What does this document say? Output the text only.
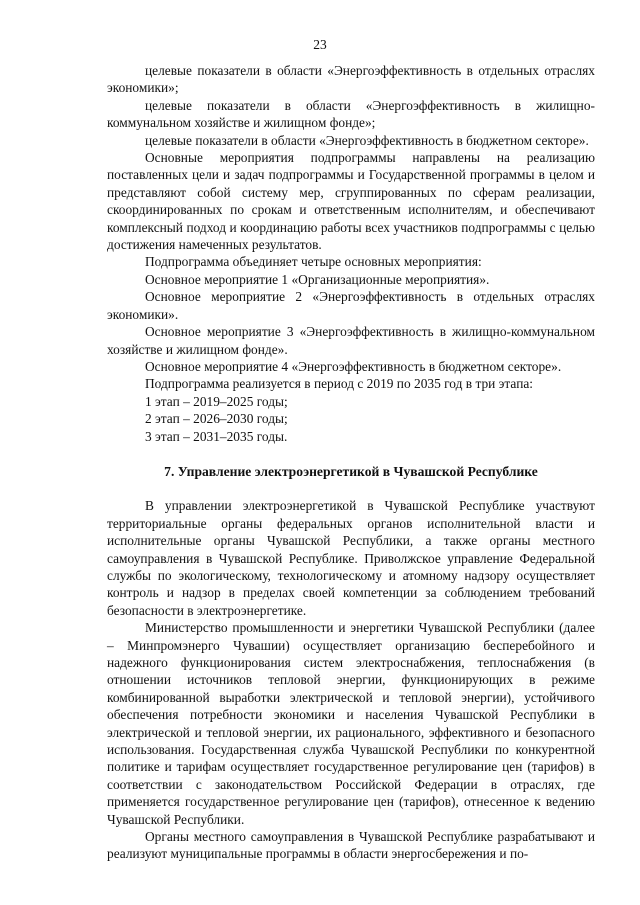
23

целевые показатели в области «Энергоэффективность в отдельных отраслях экономики»;

целевые показатели в области «Энергоэффективность в жилищно-коммунальном хозяйстве и жилищном фонде»;

целевые показатели в области «Энергоэффективность в бюджетном секторе».

Основные мероприятия подпрограммы направлены на реализацию поставленных цели и задач подпрограммы и Государственной программы в целом и представляют собой систему мер, сгруппированных по сферам реализации, скоординированных по срокам и ответственным исполнителям, и обеспечивают комплексный подход и координацию работы всех участников подпрограммы с целью достижения намеченных результатов.

Подпрограмма объединяет четыре основных мероприятия:

Основное мероприятие 1 «Организационные мероприятия».

Основное мероприятие 2 «Энергоэффективность в отдельных отраслях экономики».

Основное мероприятие 3 «Энергоэффективность в жилищно-коммунальном хозяйстве и жилищном фонде».

Основное мероприятие 4 «Энергоэффективность в бюджетном секторе».

Подпрограмма реализуется в период с 2019 по 2035 год в три этапа:

1 этап – 2019–2025 годы;

2 этап – 2026–2030 годы;

3 этап – 2031–2035 годы.

7. Управление электроэнергетикой в Чувашской Республике

В управлении электроэнергетикой в Чувашской Республике участвуют территориальные органы федеральных органов исполнительной власти и исполнительные органы Чувашской Республики, а также органы местного самоуправления в Чувашской Республике. Приволжское управление Федеральной службы по экологическому, технологическому и атомному надзору осуществляет контроль и надзор в пределах своей компетенции за соблюдением требований безопасности в электроэнергетике.

Министерство промышленности и энергетики Чувашской Республики (далее – Минпромэнерго Чувашии) осуществляет организацию бесперебойного и надежного функционирования систем электроснабжения, теплоснабжения (в отношении источников тепловой энергии, функционирующих в режиме комбинированной выработки электрической и тепловой энергии), устойчивого обеспечения потребности экономики и населения Чувашской Республики в электрической и тепловой энергии, их рационального, эффективного и безопасного использования. Государственная служба Чувашской Республики по конкурентной политике и тарифам осуществляет государственное регулирование цен (тарифов) в соответствии с законодательством Российской Федерации в отраслях, где применяется государственное регулирование цен (тарифов), отнесенное к ведению Чувашской Республики.

Органы местного самоуправления в Чувашской Республике разрабатывают и реализуют муниципальные программы в области энергосбережения и по-
